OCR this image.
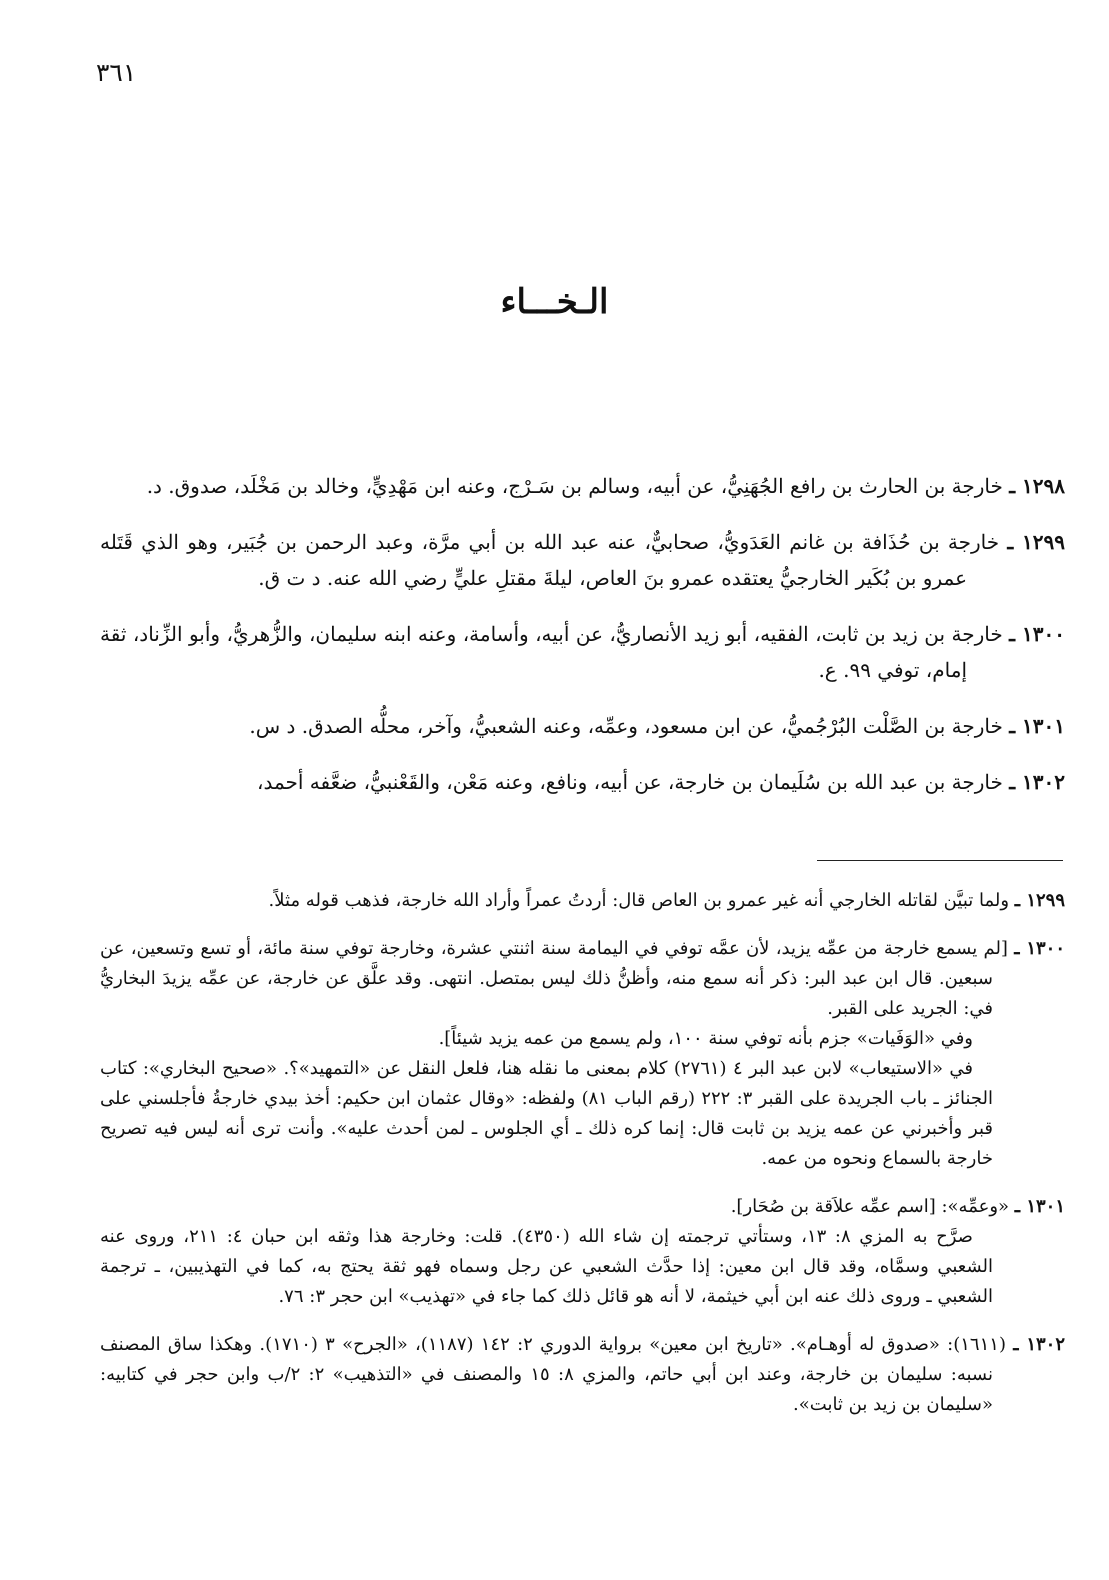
٣٦١
الـخـــاء

١٢٩٨ ـ خارجة بن الحارث بن رافع الجُهَنِيُّ، عن أبيه، وسالم بن سَـرْج، وعنه ابن مَهْدِيٍّ، وخالد بن مَخْلَد، صدوق. د.

١٢٩٩ ـ خارجة بن حُذَافة بن غانم العَدَويُّ، صحابيٌّ، عنه عبد الله بن أبي مرَّة، وعبد الرحمن بن جُبَير، وهو الذي قَتَله عمرو بن بُكَير الخارجيُّ يعتقده عمرو بنَ العاص، ليلةَ مقتلِ عليٍّ رضي الله عنه. د ت ق.

١٣٠٠ ـ خارجة بن زيد بن ثابت، الفقيه، أبو زيد الأنصاريُّ، عن أبيه، وأسامة، وعنه ابنه سليمان، والزُّهريُّ، وأبو الزِّناد، ثقة إمام، توفي ٩٩. ع.

١٣٠١ ـ خارجة بن الصَّلْت البُرْجُميُّ، عن ابن مسعود، وعمِّه، وعنه الشعبيُّ، وآخر، محلُّه الصدق. د س.

١٣٠٢ ـ خارجة بن عبد الله بن سُلَيمان بن خارجة، عن أبيه، ونافع، وعنه مَعْن، والقَعْنبيُّ، ضعَّفه أحمد،

١٢٩٩ ـ ولما تبيَّن لقاتله الخارجي أنه غير عمرو بن العاص قال: أردتُ عمراً وأراد الله خارجة، فذهب قوله مثلاً.

١٣٠٠ ـ [لم يسمع خارجة من عمِّه يزيد، لأن عمَّه توفي في اليمامة سنة اثنتي عشرة، وخارجة توفي سنة مائة، أو تسع وتسعين، عن سبعين. قال ابن عبد البر: ذكر أنه سمع منه، وأظنُّ ذلك ليس بمتصل. انتهى. وقد علَّق عن خارجة، عن عمِّه يزيدَ البخاريُّ في: الجريد على القبر.
وفي «الوَفَيات» جزم بأنه توفي سنة ١٠٠، ولم يسمع من عمه يزيد شيئاً].
في «الاستيعاب» لابن عبد البر ٤ (٢٧٦١) كلام بمعنى ما نقله هنا، فلعل النقل عن «التمهيد»؟. «صحيح البخاري»: كتاب الجنائز ـ باب الجريدة على القبر ٣: ٢٢٢ (رقم الباب ٨١) ولفظه: «وقال عثمان ابن حكيم: أخذ بيدي خارجةُ فأجلسني على قبر وأخبرني عن عمه يزيد بن ثابت قال: إنما كره ذلك ـ أي الجلوس ـ لمن أحدث عليه». وأنت ترى أنه ليس فيه تصريح خارجة بالسماع ونحوه من عمه.

١٣٠١ ـ «وعمِّه»: [اسم عمِّه علاَقة بن صُحَار].
صرَّح به المزي ٨: ١٣، وستأتي ترجمته إن شاء الله (٤٣٥٠). قلت: وخارجة هذا وثقه ابن حبان ٤: ٢١١، وروى عنه الشعبي وسمَّاه، وقد قال ابن معين: إذا حدَّث الشعبي عن رجل وسماه فهو ثقة يحتج به، كما في التهذيبين، ـ ترجمة الشعبي ـ وروى ذلك عنه ابن أبي خيثمة، لا أنه هو قائل ذلك كما جاء في «تهذيب» ابن حجر ٣: ٧٦.

١٣٠٢ ـ (١٦١١): «صدوق له أوهـام». «تاريخ ابن معين» برواية الدوري ٢: ١٤٢ (١١٨٧)، «الجرح» ٣ (١٧١٠). وهكذا ساق المصنف نسبه: سليمان بن خارجة، وعند ابن أبي حاتم، والمزي ٨: ١٥ والمصنف في «التذهيب» ٢: ٢/ب وابن حجر في كتابيه: «سليمان بن زيد بن ثابت».
